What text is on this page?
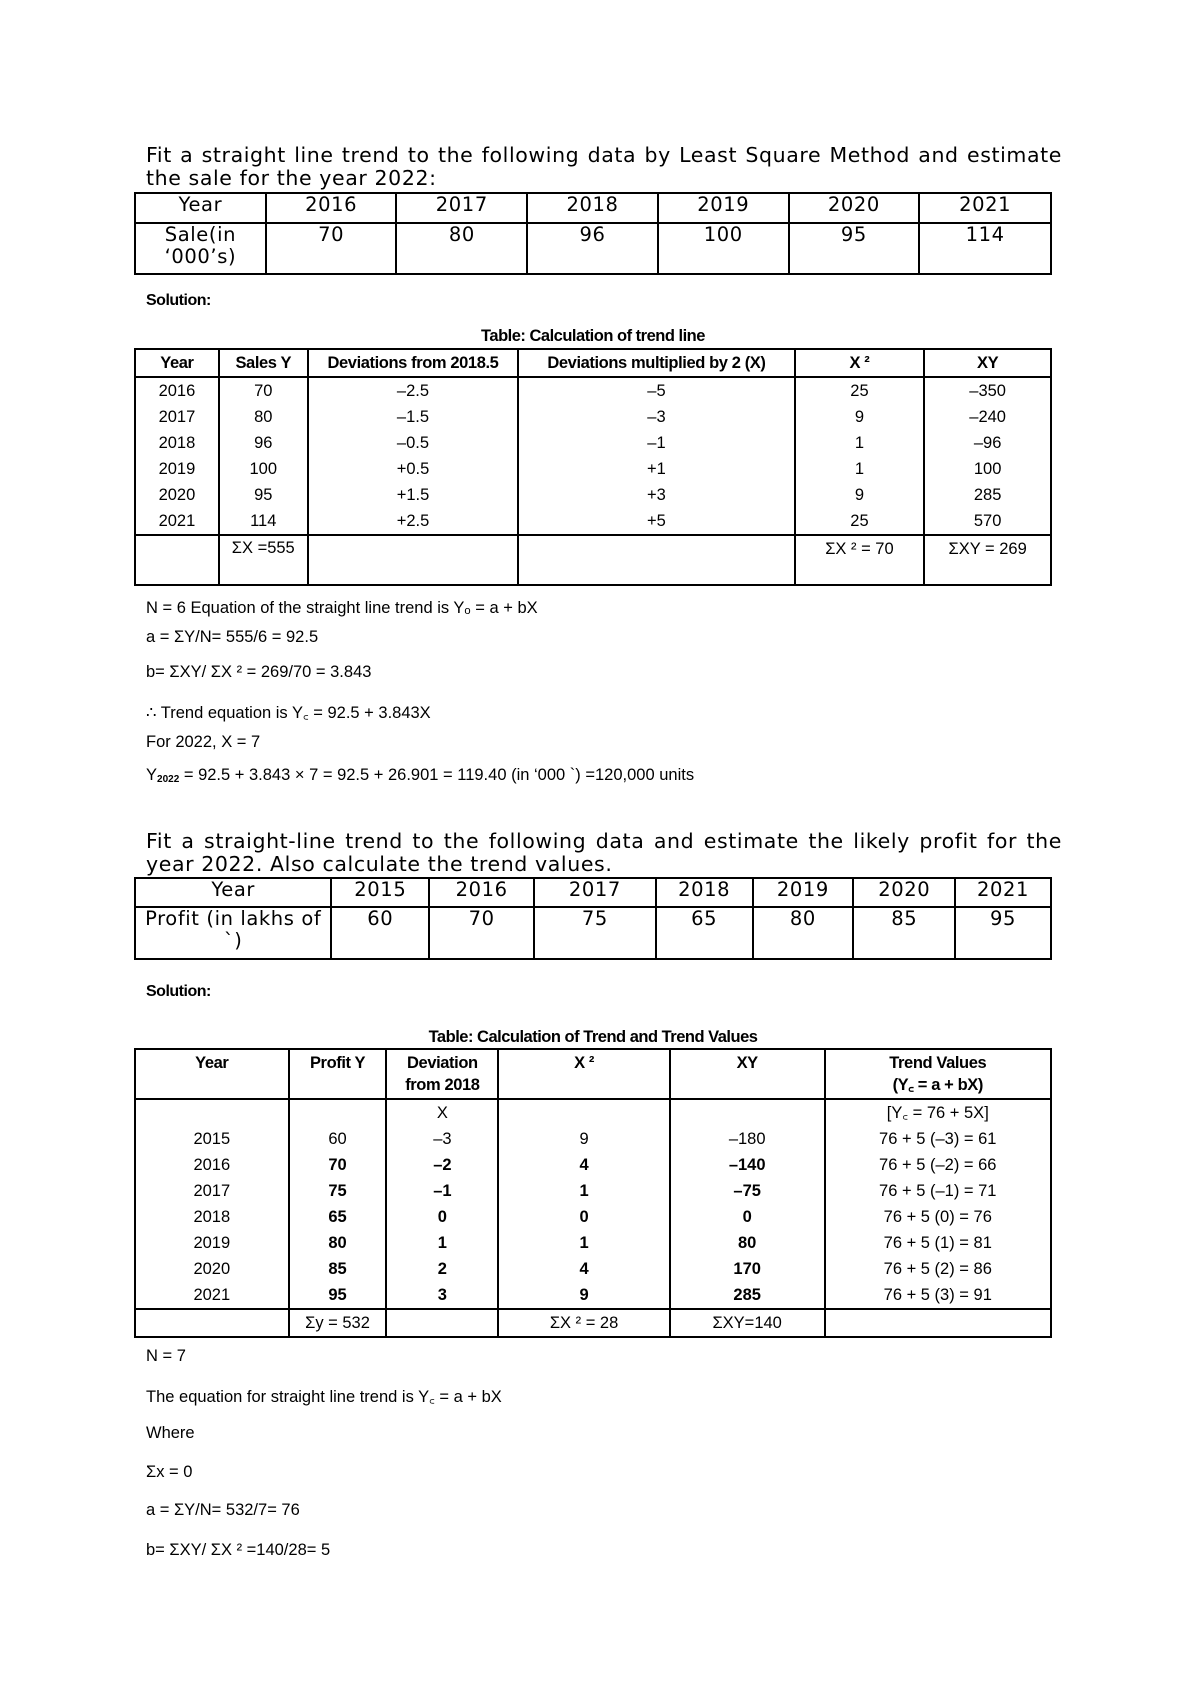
Fit a straight line trend to the following data by Least Square Method and estimate the sale for the year 2022:

Year	2016	2017	2018	2019	2020	2021
Sale(in ‘000’s)	70	80	96	100	95	114

Solution:

Table: Calculation of trend line

Year	Sales Y	Deviations from 2018.5	Deviations multiplied by 2 (X)	X ²	XY
2016	70	–2.5	–5	25	–350
2017	80	–1.5	–3	9	–240
2018	96	–0.5	–1	1	–96
2019	100	+0.5	+1	1	100
2020	95	+1.5	+3	9	285
2021	114	+2.5	+5	25	570
	ΣX =555			ΣX ² = 70	ΣXY = 269

N = 6 Equation of the straight line trend is Yₒ = a + bX

a = ΣY/N= 555/6 = 92.5

b= ΣXY/ ΣX ² = 269/70 = 3.843

∴ Trend equation is Y꜀ = 92.5 + 3.843X

For 2022, X = 7

$Y_{2022} = 92.5 + 3.843 \times 7 = 92.5 + 26.901 = 119.40$ (in ‘000 `) =120,000 units

Fit a straight-line trend to the following data and estimate the likely profit for the year 2022. Also calculate the trend values.

Year	2015	2016	2017	2018	2019	2020	2021
Profit (in lakhs of `)	60	70	75	65	80	85	95

Solution:

Table: Calculation of Trend and Trend Values

Year	Profit Y	Deviation from 2018	X ²	XY	Trend Values
(Y꜀ = a + bX)

		X			[Y꜀ = 76 + 5X]
2015	60	–3	9	–180	76 + 5 (–3) = 61
2016	70	–2	4	–140	76 + 5 (–2) = 66
2017	75	–1	1	–75	76 + 5 (–1) = 71
2018	65	0	0	0	76 + 5 (0) = 76
2019	80	1	1	80	76 + 5 (1) = 81
2020	85	2	4	170	76 + 5 (2) = 86
2021	95	3	9	285	76 + 5 (3) = 91
	Σy = 532		ΣX ² = 28	ΣXY=140	

N = 7

The equation for straight line trend is Y꜀ = a + bX

Where

Σx = 0

a = ΣY/N= 532/7= 76

b= ΣXY/ ΣX ² =140/28= 5
